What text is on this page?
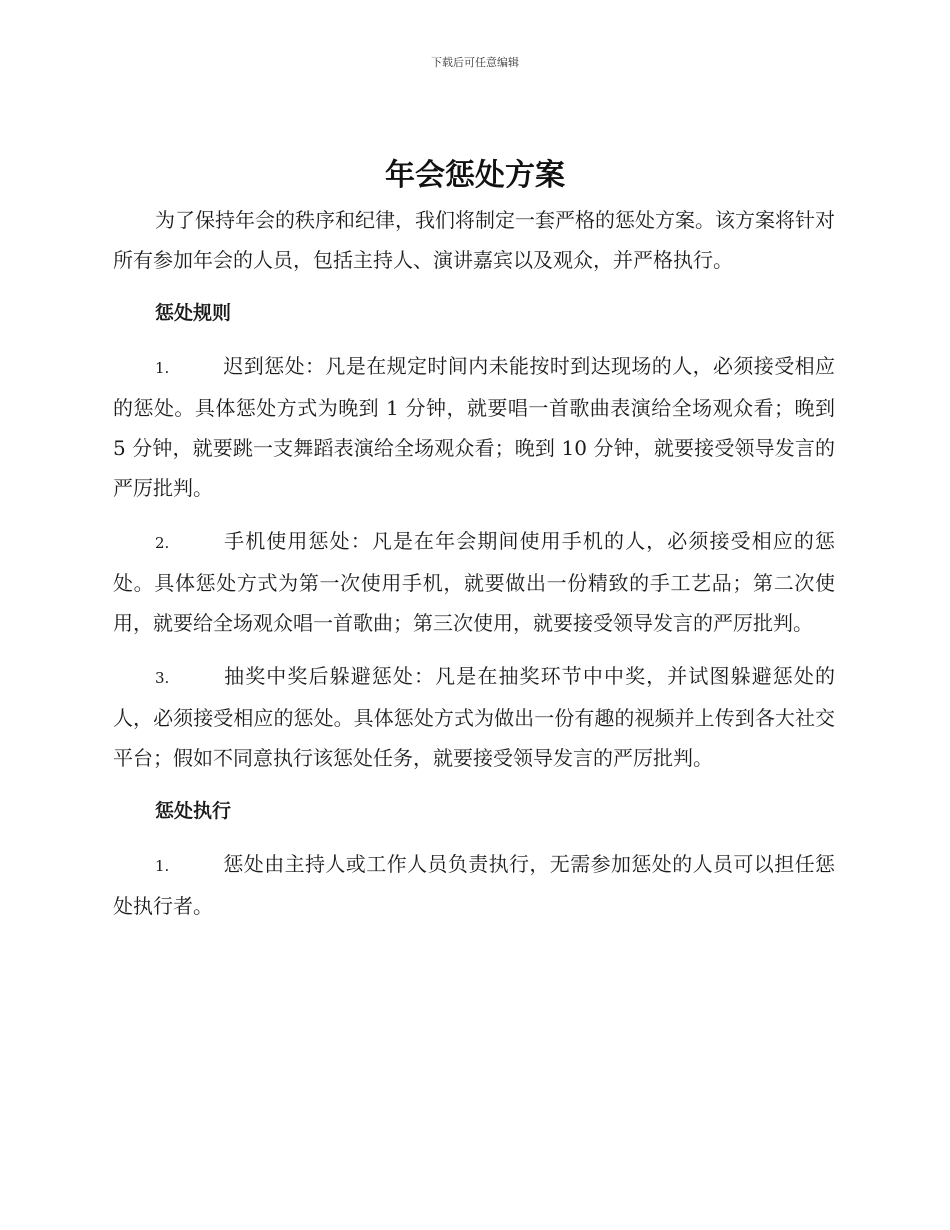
下载后可任意编辑
年会惩处方案

为了保持年会的秩序和纪律，我们将制定一套严格的惩处方案。该方案将针对所有参加年会的人员，包括主持人、演讲嘉宾以及观众，并严格执行。

惩处规则

1.	迟到惩处：凡是在规定时间内未能按时到达现场的人，必须接受相应的惩处。具体惩处方式为晚到 1 分钟，就要唱一首歌曲表演给全场观众看；晚到 5 分钟，就要跳一支舞蹈表演给全场观众看；晚到 10 分钟，就要接受领导发言的严厉批判。

2.	手机使用惩处：凡是在年会期间使用手机的人，必须接受相应的惩处。具体惩处方式为第一次使用手机，就要做出一份精致的手工艺品；第二次使用，就要给全场观众唱一首歌曲；第三次使用，就要接受领导发言的严厉批判。

3.	抽奖中奖后躲避惩处：凡是在抽奖环节中中奖，并试图躲避惩处的人，必须接受相应的惩处。具体惩处方式为做出一份有趣的视频并上传到各大社交平台；假如不同意执行该惩处任务，就要接受领导发言的严厉批判。

惩处执行

1.	惩处由主持人或工作人员负责执行，无需参加惩处的人员可以担任惩处执行者。
